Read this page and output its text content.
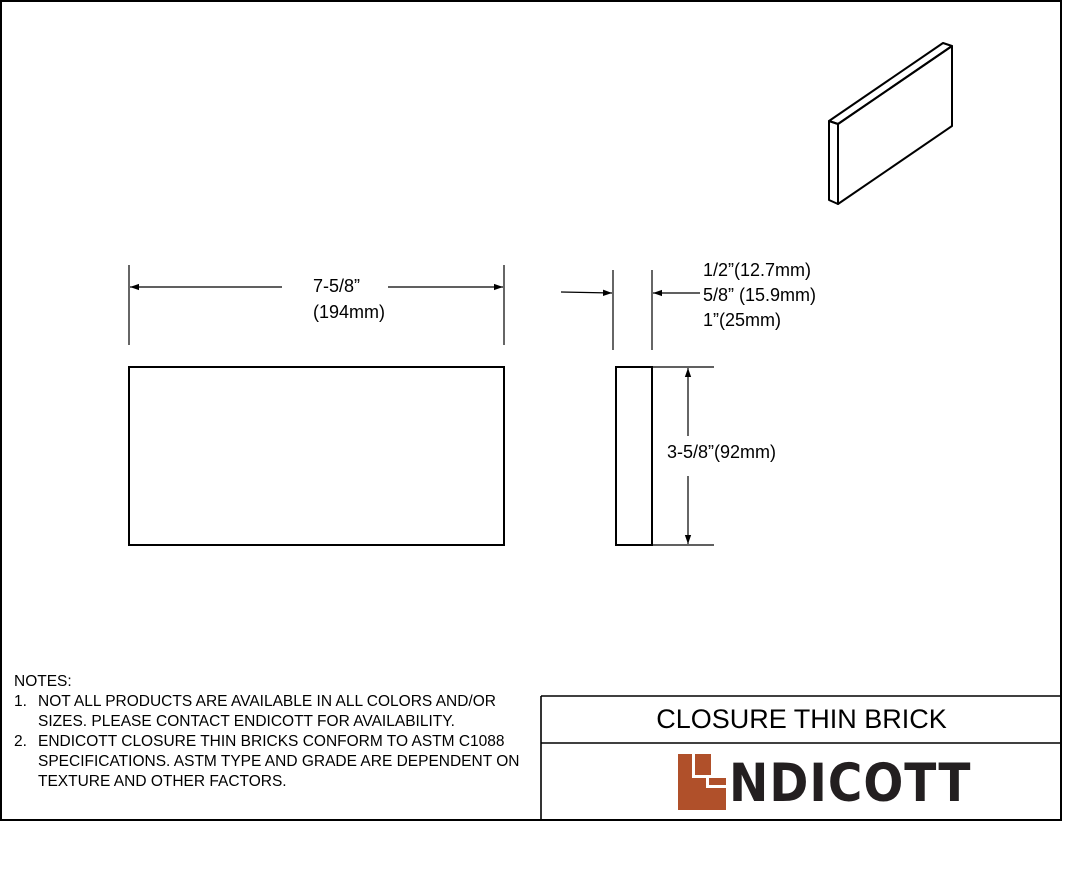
7-5/8”
(194mm)
1/2”(12.7mm)
5/8” (15.9mm)
1”(25mm)
3-5/8”(92mm)
NOTES:
1. NOT ALL PRODUCTS ARE AVAILABLE IN ALL COLORS AND/OR SIZES. PLEASE CONTACT ENDICOTT FOR AVAILABILITY.
2. ENDICOTT CLOSURE THIN BRICKS CONFORM TO ASTM C1088 SPECIFICATIONS. ASTM TYPE AND GRADE ARE DEPENDENT ON TEXTURE AND OTHER FACTORS.
CLOSURE THIN BRICK
NDICOTT
